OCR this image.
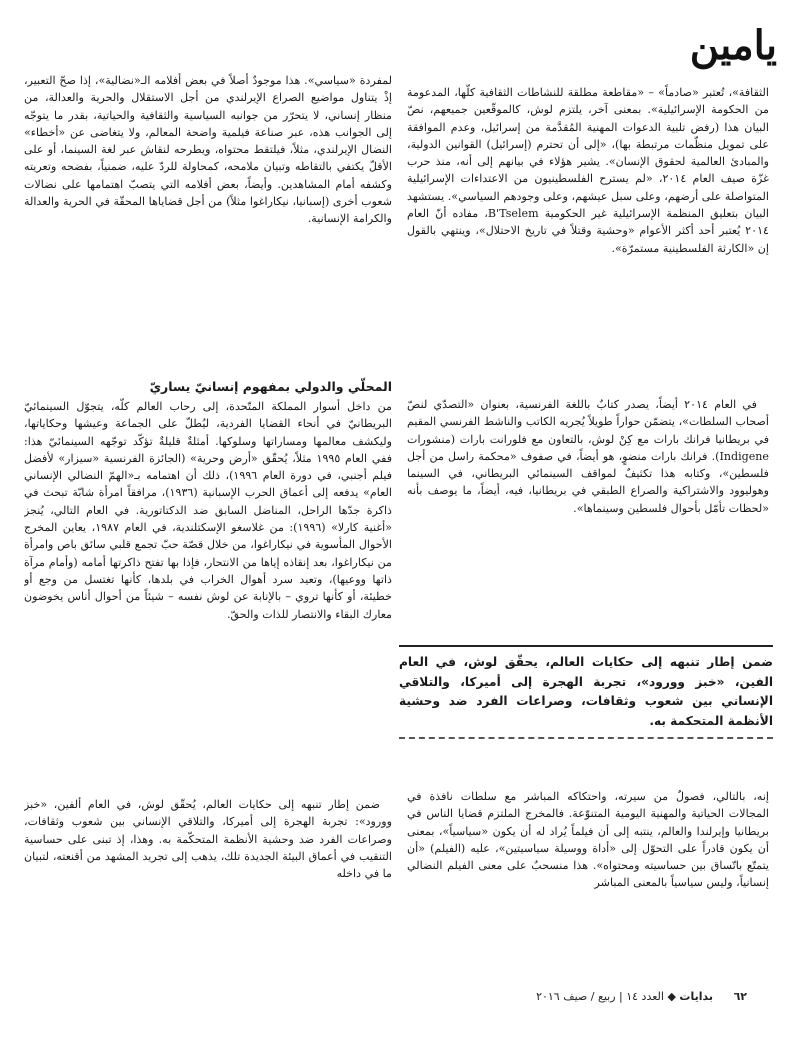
يامين

الثقافة»، تُعتبر «صادماً» – «مقاطعة مطلقة للنشاطات الثقافية كلّها، المدعومة من الحكومة الإسرائيلية». بمعنى آخر، يلتزم لوش، كالموقّعين جميعهم، نصّ البيان هذا (رفض تلبية الدعوات المهنية المُقدَّمة من إسرائيل، وعدم الموافقة على تمويل منظّمات مرتبطة بها)، «إلى أن تحترم (إسرائيل) القوانين الدولية، والمبادئ العالمية لحقوق الإنسان». يشير هؤلاء في بيانهم إلى أنه، منذ حرب غزّة صيف العام ٢٠١٤، «لم يسترح الفلسطينيون من الاعتداءات الإسرائيلية المتواصلة على أرضهم، وعلى سبل عيشهم، وعلى وجودهم السياسي». يستشهد البيان بتعليق المنظمة الإسرائيلية غير الحكومية B'Tselem، مفاده أنّ العام ٢٠١٤ يُعتبر أحد أكثر الأعوام «وحشية وقتلاً في تاريخ الاحتلال»، وينتهي بالقول إن «الكارثة الفلسطينية مستمرّة».

في العام ٢٠١٤ أيضاً، يصدر كتابٌ باللغة الفرنسية، بعنوان «التصدّي لنصّ أصحاب السلطات»، يتضمّن حواراً طويلاً يُجريه الكاتب والناشط الفرنسي المقيم في بريطانيا فرانك بارات مع كِنْ لوش، بالتعاون مع فلورانت بارات (منشورات Indigene). فرانك بارات منضوٍ، هو أيضاً، في صفوف «محكمة راسل من أجل فلسطين»، وكتابه هذا تكثيفٌ لمواقف السينمائي البريطاني، في السينما وهوليوود والاشتراكية والصراع الطبقي في بريطانيا، فيه، أيضاً، ما يوصف بأنه «لحظات تأمّل بأحوال فلسطين وسينماها».

ضمن إطار تنبهه إلى حكايات العالم، يحقّق لوش، في العام الفين، «خبز وورود»، تجربة الهجرة إلى أميركا، والتلاقي الإنساني بين شعوب وثقافات، وصراعات الفرد ضد وحشية الأنظمة المتحكمة به.

إنه، بالتالي، فصولٌ من سيرته، واحتكاكه المباشر مع سلطات نافذة في المجالات الحياتية والمهنية اليومية المتنوّعة. فالمخرج الملتزم قضايا الناس في بريطانيا وإيرلندا والعالم، ينتبه إلى أن فيلماً يُراد له أن يكون «سياسياً»، بمعنى أن يكون قادراً على التحوّل إلى «أداة ووسيلة سياسيتين»، عليه (الفيلم) «أن يتمتّع باتّساق بين حساسيته ومحتواه». هذا منسحبٌ على معنى الفيلم النضالي إنسانياً، وليس سياسياً بالمعنى المباشر

لمفردة «سياسي». هذا موجودٌ أصلاً في بعض أفلامه الـ«نضالية»، إذا صحّ التعبير، إذْ يتناول مواضيع الصراع الإيرلندي من أجل الاستقلال والحرية والعدالة، من منظار إنساني، لا يتحرّر من جوانبه السياسية والثقافية والحياتية، بقدر ما يتوجّه إلى الجوانب هذه، عبر صناعة فيلمية واضحة المعالم، ولا يتغاضى عن «أخطاء» النضال الإيرلندي، مثلاً، فيلتقط محتواه، ويطرحه لنقاش عبر لغة السينما، أو على الأقلّ يكتفي بالتقاطه وتبيان ملامحه، كمحاولة للردّ عليه، ضمنياً، بفضحه وتعريته وكشفه أمام المشاهدين. وأيضاً، بعض أفلامه التي يتصبّ اهتمامها على نضالات شعوب أخرى (إسبانيا، نيكاراغوا مثلاً) من أجل قضاياها المحقّة في الحرية والعدالة والكرامة الإنسانية.

المحلّي والدولي بمفهوم إنسانيّ يساريّ

من داخل أسوار المملكة المتّحدة، إلى رحاب العالم كلّه، يتجوّل السينمائيّ البريطانيّ في أنحاء القضايا الفردية، ليُطلّ على الجماعة وعيشها وحكاياتها، وليكشف معالمها ومساراتها وسلوكها. أمثلةٌ قليلةٌ تؤكّد توجّهه السينمائيّ هذا: ففي العام ١٩٩٥ مثلاً، يُحقّق «أرض وحرية» (الجائزة الفرنسية «سيزار» لأفضل فيلم أجنبي، في دورة العام ١٩٩٦)، ذلك أن اهتمامه بـ«الهمّ النضالي الإنساني العام» يدفعه إلى أعماق الحرب الإسبانية (١٩٣٦)، مرافقاً امرأة شابّة تبحث في ذاكرة جدّها الراحل، المناضل السابق ضد الدكتاتورية. في العام التالي، يُنجز «أغنية كارلا» (١٩٩٦): من غلاسغو الإسكتلندية، في العام ١٩٨٧، يعاين المخرج الأحوال المأسوية في نيكاراغوا، من خلال قصّة حبّ تجمع قلبي سائق باص وامرأة من نيكاراغوا، بعد إنقاذه إياها من الانتحار، فإذا بها تفتح ذاكرتها أمامه (وأمام مرآة ذاتها ووعيها)، وتعيد سرد أهوال الخراب في بلدها، كأنها تغتسل من وجع أو خطيئة، أو كأنها تروي – بالإنابة عن لوش نفسه – شيئاً من أحوال أناس يخوضون معارك البقاء والانتصار للذات والحقّ.

ضمن إطار تنبهه إلى حكايات العالم، يُحقّق لوش، في العام ألفين، «خبز وورود»: تجربة الهجرة إلى أميركا، والتلاقي الإنساني بين شعوب وثقافات، وصراعات الفرد ضد وحشية الأنظمة المتحكّمة به. وهذا، إذ تبنى على حساسية التنقيب في أعماق البيئة الجديدة تلك، يذهب إلى تجريد المشهد من أقنعته، لتبيان ما في داخله

٦٢
بدايات ◆ العدد ١٤ | ربيع / صيف ٢٠١٦
